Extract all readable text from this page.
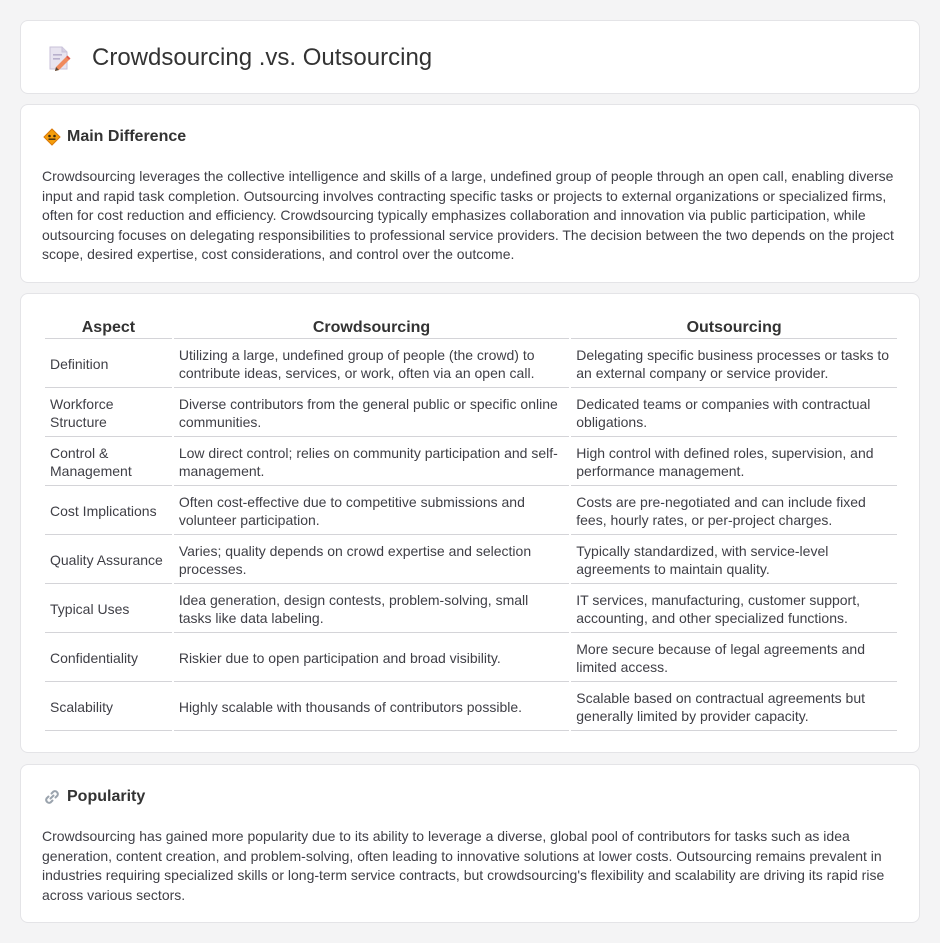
Crowdsourcing .vs. Outsourcing
Main Difference

Crowdsourcing leverages the collective intelligence and skills of a large, undefined group of people through an open call, enabling diverse input and rapid task completion. Outsourcing involves contracting specific tasks or projects to external organizations or specialized firms, often for cost reduction and efficiency. Crowdsourcing typically emphasizes collaboration and innovation via public participation, while outsourcing focuses on delegating responsibilities to professional service providers. The decision between the two depends on the project scope, desired expertise, cost considerations, and control over the outcome.

Aspect	Crowdsourcing	Outsourcing
Definition	Utilizing a large, undefined group of people (the crowd) to contribute ideas, services, or work, often via an open call.	Delegating specific business processes or tasks to an external company or service provider.
Workforce Structure	Diverse contributors from the general public or specific online communities.	Dedicated teams or companies with contractual obligations.
Control & Management	Low direct control; relies on community participation and self-management.	High control with defined roles, supervision, and performance management.
Cost Implications	Often cost-effective due to competitive submissions and volunteer participation.	Costs are pre-negotiated and can include fixed fees, hourly rates, or per-project charges.
Quality Assurance	Varies; quality depends on crowd expertise and selection processes.	Typically standardized, with service-level agreements to maintain quality.
Typical Uses	Idea generation, design contests, problem-solving, small tasks like data labeling.	IT services, manufacturing, customer support, accounting, and other specialized functions.
Confidentiality	Riskier due to open participation and broad visibility.	More secure because of legal agreements and limited access.
Scalability	Highly scalable with thousands of contributors possible.	Scalable based on contractual agreements but generally limited by provider capacity.
Popularity

Crowdsourcing has gained more popularity due to its ability to leverage a diverse, global pool of contributors for tasks such as idea generation, content creation, and problem-solving, often leading to innovative solutions at lower costs. Outsourcing remains prevalent in industries requiring specialized skills or long-term service contracts, but crowdsourcing's flexibility and scalability are driving its rapid rise across various sectors.
